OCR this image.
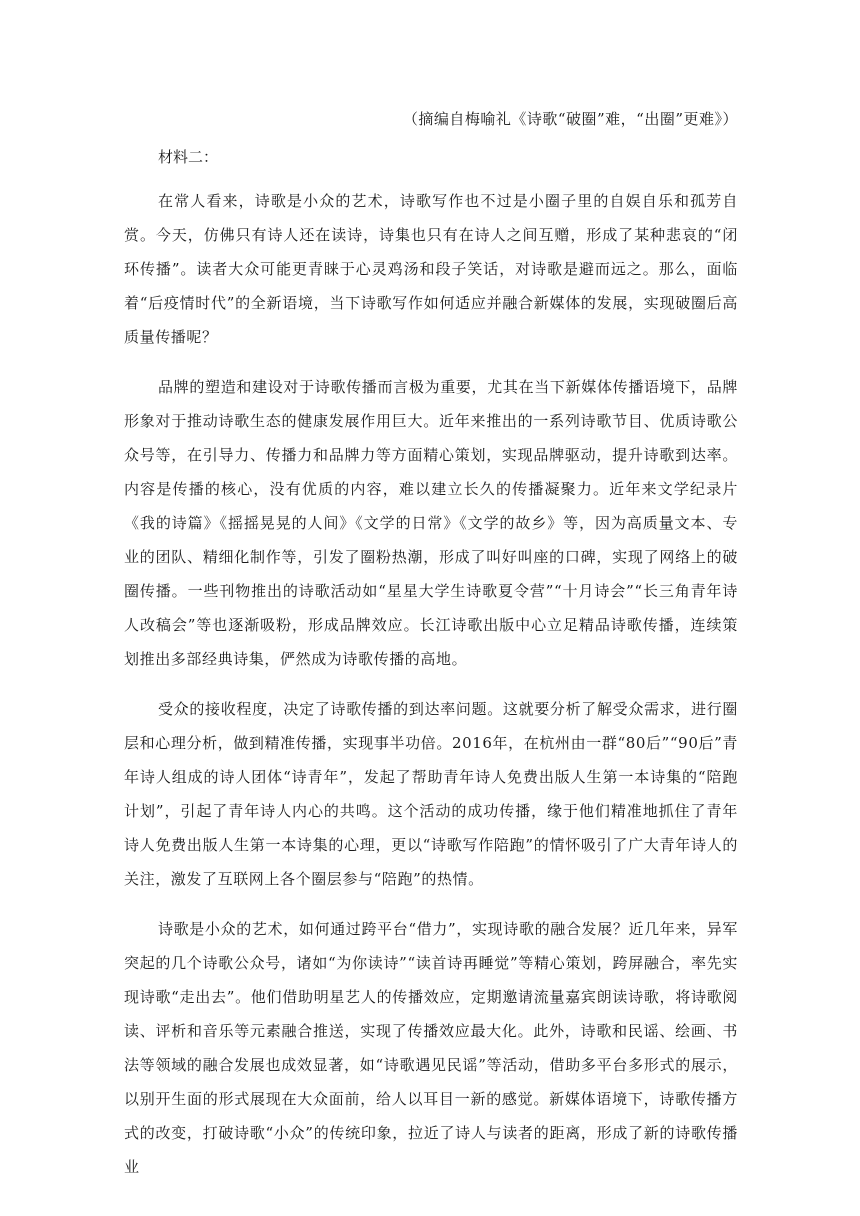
（摘编自梅喻礼《诗歌“破圈”难，“出圈”更难》）

材料二：

在常人看来，诗歌是小众的艺术，诗歌写作也不过是小圈子里的自娱自乐和孤芳自赏。今天，仿佛只有诗人还在读诗，诗集也只有在诗人之间互赠，形成了某种悲哀的“闭环传播”。读者大众可能更青睐于心灵鸡汤和段子笑话，对诗歌是避而远之。那么，面临着“后疫情时代”的全新语境，当下诗歌写作如何适应并融合新媒体的发展，实现破圈后高质量传播呢？

品牌的塑造和建设对于诗歌传播而言极为重要，尤其在当下新媒体传播语境下，品牌形象对于推动诗歌生态的健康发展作用巨大。近年来推出的一系列诗歌节目、优质诗歌公众号等，在引导力、传播力和品牌力等方面精心策划，实现品牌驱动，提升诗歌到达率。内容是传播的核心，没有优质的内容，难以建立长久的传播凝聚力。近年来文学纪录片《我的诗篇》《摇摇晃晃的人间》《文学的日常》《文学的故乡》等，因为高质量文本、专业的团队、精细化制作等，引发了圈粉热潮，形成了叫好叫座的口碑，实现了网络上的破圈传播。一些刊物推出的诗歌活动如“星星大学生诗歌夏令营”“十月诗会”“长三角青年诗人改稿会”等也逐渐吸粉，形成品牌效应。长江诗歌出版中心立足精品诗歌传播，连续策划推出多部经典诗集，俨然成为诗歌传播的高地。

受众的接收程度，决定了诗歌传播的到达率问题。这就要分析了解受众需求，进行圈层和心理分析，做到精准传播，实现事半功倍。2016年，在杭州由一群“80后”“90后”青年诗人组成的诗人团体“诗青年”，发起了帮助青年诗人免费出版人生第一本诗集的“陪跑计划”，引起了青年诗人内心的共鸣。这个活动的成功传播，缘于他们精准地抓住了青年诗人免费出版人生第一本诗集的心理，更以“诗歌写作陪跑”的情怀吸引了广大青年诗人的关注，激发了互联网上各个圈层参与“陪跑”的热情。

诗歌是小众的艺术，如何通过跨平台“借力”，实现诗歌的融合发展？近几年来，异军突起的几个诗歌公众号，诸如“为你读诗”“读首诗再睡觉”等精心策划，跨屏融合，率先实现诗歌“走出去”。他们借助明星艺人的传播效应，定期邀请流量嘉宾朗读诗歌，将诗歌阅读、评析和音乐等元素融合推送，实现了传播效应最大化。此外，诗歌和民谣、绘画、书法等领域的融合发展也成效显著，如“诗歌遇见民谣”等活动，借助多平台多形式的展示，以别开生面的形式展现在大众面前，给人以耳目一新的感觉。新媒体语境下，诗歌传播方式的改变，打破诗歌“小众”的传统印象，拉近了诗人与读者的距离，形成了新的诗歌传播业
